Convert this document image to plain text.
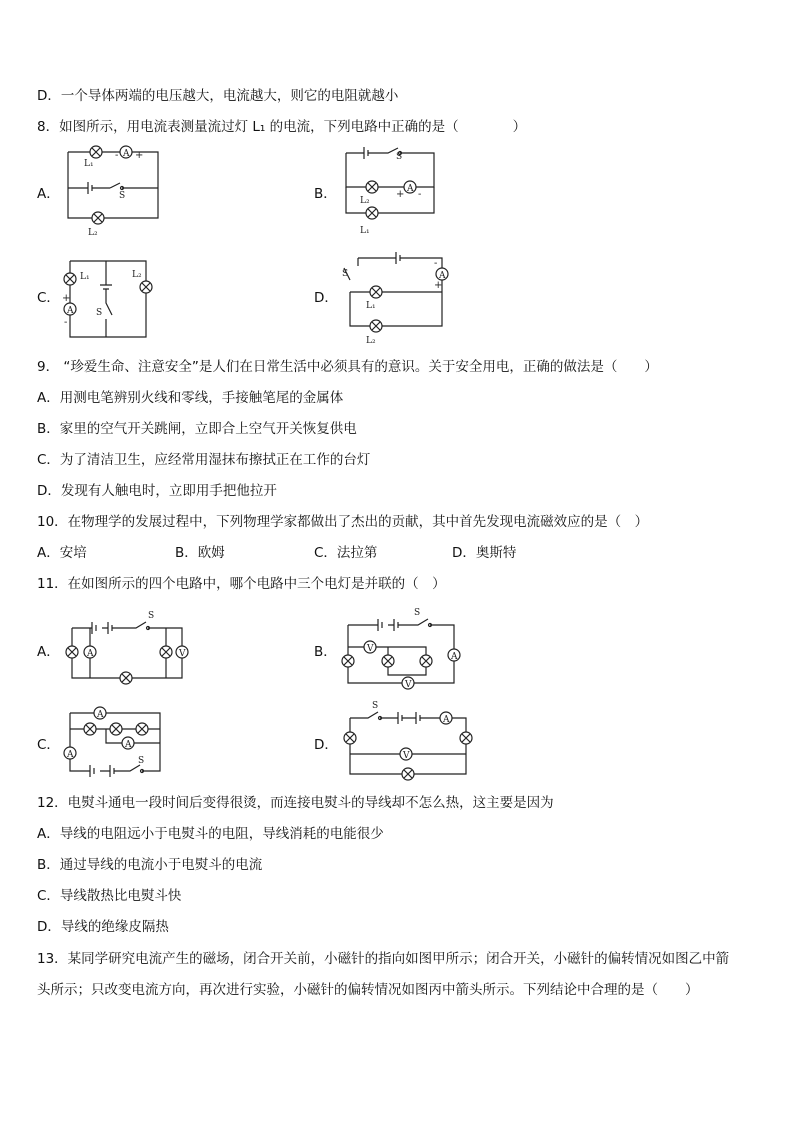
D．一个导体两端的电压越大，电流越大，则它的电阻就越小
8．如图所示，用电流表测量流过灯 L₁ 的电流，下列电路中正确的是（　　　　）
A．	B．
C．	D．
A
- +
L₁
S
L₂
S
A
+ -
L₂
L₁
A
L₁	L₂
S
+
-
A
S
L₁
L₂
-
+
9． “珍爱生命、注意安全”是人们在日常生活中必须具有的意识。关于安全用电，正确的做法是（　　）
A．用测电笔辨别火线和零线，手接触笔尾的金属体
B．家里的空气开关跳闸，立即合上空气开关恢复供电
C．为了清洁卫生，应经常用湿抹布擦拭正在工作的台灯
D．发现有人触电时，立即用手把他拉开
10．在物理学的发展过程中，下列物理学家都做出了杰出的贡献，其中首先发现电流磁效应的是（　）
A．安培	B．欧姆	C．法拉第	D．奥斯特
11．在如图所示的四个电路中，哪个电路中三个电灯是并联的（　）
A．	B．
C．	D．
A	V
S
V
A
V
S
A
A
A
S
A
V
S
12．电熨斗通电一段时间后变得很烫，而连接电熨斗的导线却不怎么热，这主要是因为
A．导线的电阻远小于电熨斗的电阻，导线消耗的电能很少
B．通过导线的电流小于电熨斗的电流
C．导线散热比电熨斗快
D．导线的绝缘皮隔热
13．某同学研究电流产生的磁场，闭合开关前，小磁针的指向如图甲所示；闭合开关，小磁针的偏转情况如图乙中箭
头所示；只改变电流方向，再次进行实验，小磁针的偏转情况如图丙中箭头所示。下列结论中合理的是（　　）
